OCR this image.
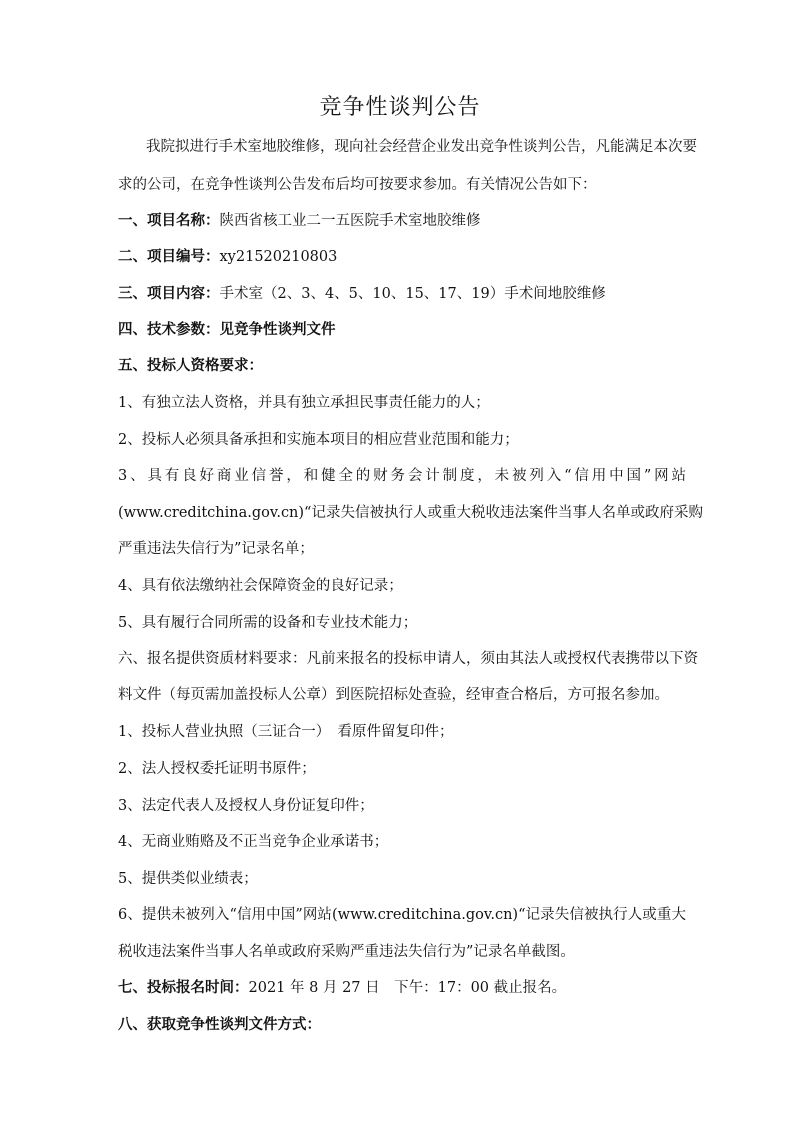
竞争性谈判公告
我院拟进行手术室地胶维修，现向社会经营企业发出竞争性谈判公告，凡能满足本次要
求的公司，在竞争性谈判公告发布后均可按要求参加。有关情况公告如下：
一、项目名称：陕西省核工业二一五医院手术室地胶维修
二、项目编号：xy21520210803
三、项目内容：手术室（2、3、4、5、10、15、17、19）手术间地胶维修
四、技术参数：见竞争性谈判文件
五、投标人资格要求：
1、有独立法人资格，并具有独立承担民事责任能力的人；
2、投标人必须具备承担和实施本项目的相应营业范围和能力；
3、具有良好商业信誉，和健全的财务会计制度，未被列入“信用中国”网站
(www.creditchina.gov.cn)“记录失信被执行人或重大税收违法案件当事人名单或政府采购
严重违法失信行为”记录名单；
4、具有依法缴纳社会保障资金的良好记录；
5、具有履行合同所需的设备和专业技术能力；
六、报名提供资质材料要求：凡前来报名的投标申请人，须由其法人或授权代表携带以下资
料文件（每页需加盖投标人公章）到医院招标处查验，经审查合格后，方可报名参加。
1、投标人营业执照（三证合一）　看原件留复印件；
2、法人授权委托证明书原件；
3、法定代表人及授权人身份证复印件；
4、无商业贿赂及不正当竞争企业承诺书；
5、提供类似业绩表；
6、提供未被列入“信用中国”网站(www.creditchina.gov.cn)“记录失信被执行人或重大
税收违法案件当事人名单或政府采购严重违法失信行为”记录名单截图。
七、投标报名时间：2021 年 8 月 27 日　下午：17：00 截止报名。
八、获取竞争性谈判文件方式：
